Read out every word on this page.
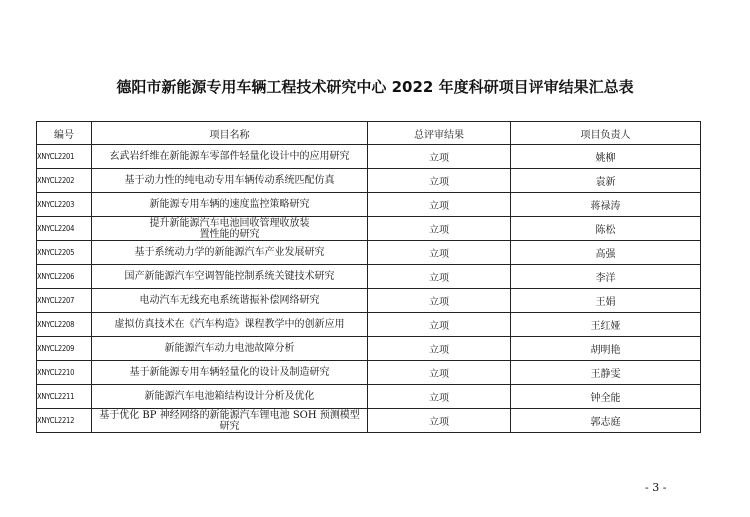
德阳市新能源专用车辆工程技术研究中心 2022 年度科研项目评审结果汇总表
编号	项目名称	总评审结果	项目负责人
XNYCL2201	玄武岩纤维在新能源车零部件轻量化设计中的应用研究	立项	姚柳
XNYCL2202	基于动力性的纯电动专用车辆传动系统匹配仿真	立项	袁新
XNYCL2203	新能源专用车辆的速度监控策略研究	立项	蒋禄涛
XNYCL2204	提升新能源汽车电池回收管理收放装置性能的研究	立项	陈松
XNYCL2205	基于系统动力学的新能源汽车产业发展研究	立项	高强
XNYCL2206	国产新能源汽车空调智能控制系统关键技术研究	立项	李洋
XNYCL2207	电动汽车无线充电系统谐振补偿网络研究	立项	王娟
XNYCL2208	虚拟仿真技术在《汽车构造》课程教学中的创新应用	立项	王红娅
XNYCL2209	新能源汽车动力电池故障分析	立项	胡明艳
XNYCL2210	基于新能源专用车辆轻量化的设计及制造研究	立项	王静雯
XNYCL2211	新能源汽车电池箱结构设计分析及优化	立项	钟全能
XNYCL2212	基于优化 BP 神经网络的新能源汽车锂电池 SOH 预测模型研究	立项	郭志庭
- 3 -
